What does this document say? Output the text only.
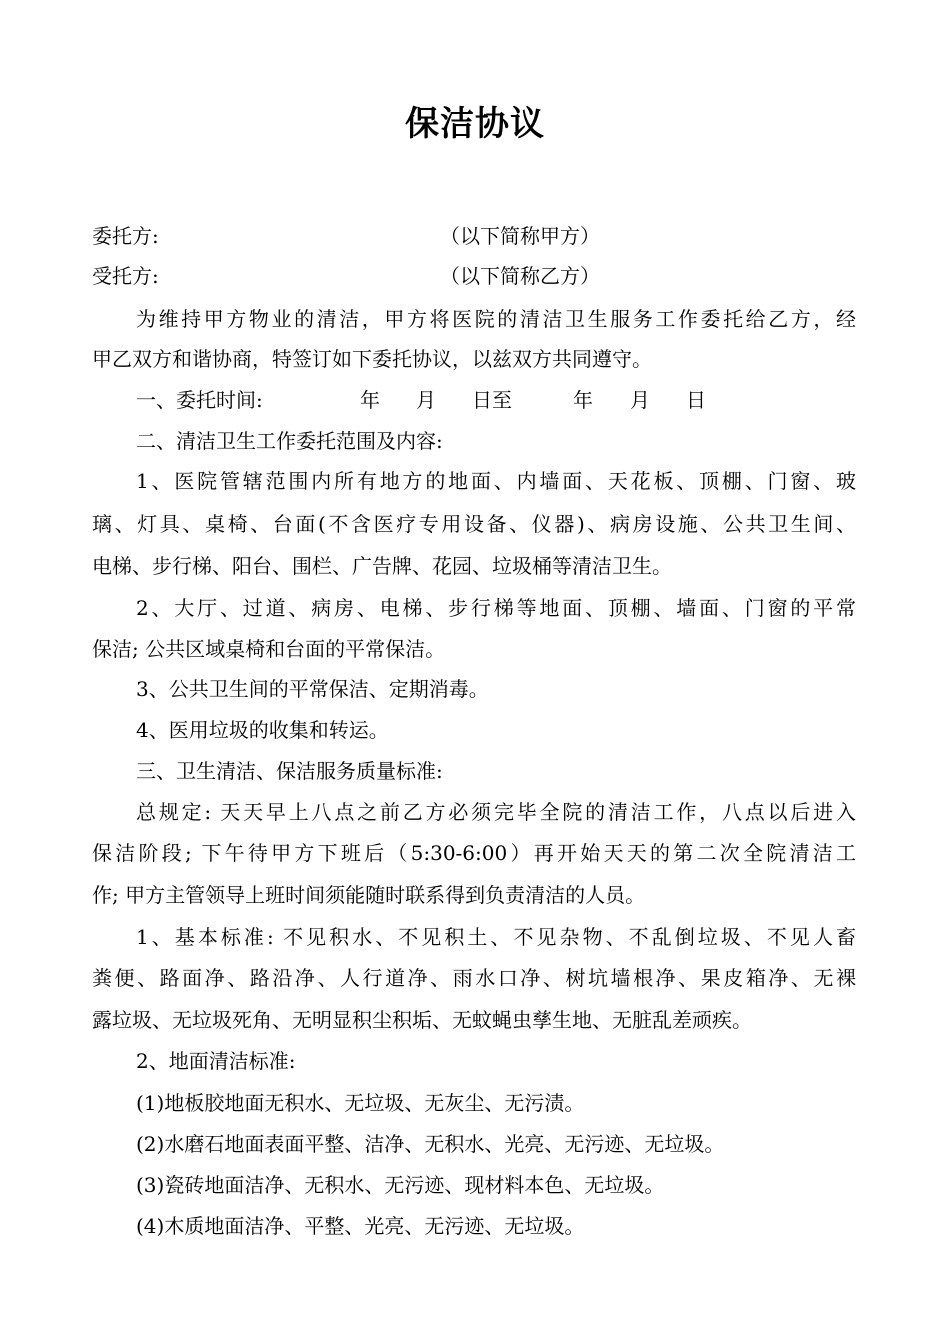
保洁协议
委托方:	（以下简称甲方）
受托方:	（以下简称乙方）
为维持甲方物业的清洁，甲方将医院的清洁卫生服务工作委托给乙方，经
甲乙双方和谐协商，特签订如下委托协议，以兹双方共同遵守。
一、委托时间:	年 月 日至	年 月 日
二、清洁卫生工作委托范围及内容:
1、医院管辖范围内所有地方的地面、内墙面、天花板、顶棚、门窗、玻
璃、灯具、桌椅、台面(不含医疗专用设备、仪器)、病房设施、公共卫生间、
电梯、步行梯、阳台、围栏、广告牌、花园、垃圾桶等清洁卫生。
2、大厅、过道、病房、电梯、步行梯等地面、顶棚、墙面、门窗的平常
保洁; 公共区域桌椅和台面的平常保洁。
3、公共卫生间的平常保洁、定期消毒。
4、医用垃圾的收集和转运。
三、卫生清洁、保洁服务质量标准:
总规定: 天天早上八点之前乙方必须完毕全院的清洁工作，八点以后进入
保洁阶段; 下午待甲方下班后（5:30-6:00）再开始天天的第二次全院清洁工
作; 甲方主管领导上班时间须能随时联系得到负责清洁的人员。
1、基本标准: 不见积水、不见积土、不见杂物、不乱倒垃圾、不见人畜
粪便、路面净、路沿净、人行道净、雨水口净、树坑墙根净、果皮箱净、无裸
露垃圾、无垃圾死角、无明显积尘积垢、无蚊蝇虫孳生地、无脏乱差顽疾。
2、地面清洁标准:
(1)地板胶地面无积水、无垃圾、无灰尘、无污渍。
(2)水磨石地面表面平整、洁净、无积水、光亮、无污迹、无垃圾。
(3)瓷砖地面洁净、无积水、无污迹、现材料本色、无垃圾。
(4)木质地面洁净、平整、光亮、无污迹、无垃圾。
